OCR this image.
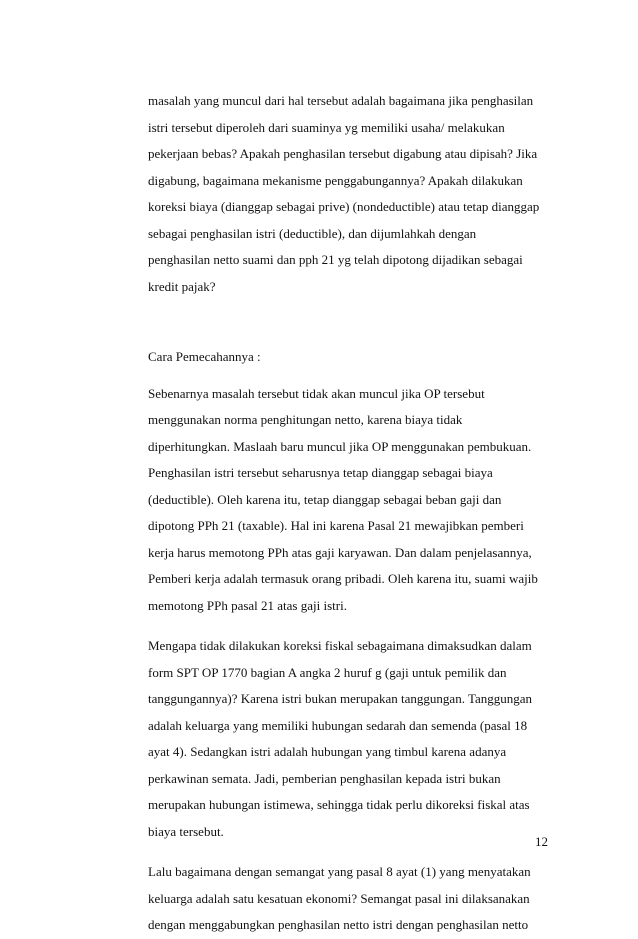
masalah yang muncul dari hal tersebut adalah bagaimana jika penghasilan
istri tersebut diperoleh dari suaminya yg memiliki usaha/ melakukan
pekerjaan bebas? Apakah penghasilan tersebut digabung atau dipisah? Jika
digabung, bagaimana mekanisme penggabungannya? Apakah dilakukan
koreksi biaya (dianggap sebagai prive) (nondeductible) atau tetap dianggap
sebagai penghasilan istri (deductible), dan dijumlahkah dengan
penghasilan netto suami dan pph 21 yg telah dipotong dijadikan sebagai
kredit pajak?

Cara Pemecahannya :

Sebenarnya masalah tersebut tidak akan muncul jika OP tersebut
menggunakan norma penghitungan netto, karena biaya tidak
diperhitungkan. Maslaah baru muncul jika OP menggunakan pembukuan.
Penghasilan istri tersebut seharusnya tetap dianggap sebagai biaya
(deductible). Oleh karena itu, tetap dianggap sebagai beban gaji dan
dipotong PPh 21 (taxable). Hal ini karena Pasal 21 mewajibkan pemberi
kerja harus memotong PPh atas gaji karyawan. Dan dalam penjelasannya,
Pemberi kerja adalah termasuk orang pribadi. Oleh karena itu, suami wajib
memotong PPh pasal 21 atas gaji istri.

Mengapa tidak dilakukan koreksi fiskal sebagaimana dimaksudkan dalam
form SPT OP 1770 bagian A angka 2 huruf g (gaji untuk pemilik dan
tanggungannya)? Karena istri bukan merupakan tanggungan. Tanggungan
adalah keluarga yang memiliki hubungan sedarah dan semenda (pasal 18
ayat 4). Sedangkan istri adalah hubungan yang timbul karena adanya
perkawinan semata. Jadi, pemberian penghasilan kepada istri bukan
merupakan hubungan istimewa, sehingga tidak perlu dikoreksi fiskal atas
biaya tersebut.

Lalu bagaimana dengan semangat yang pasal 8 ayat (1) yang menyatakan
keluarga adalah satu kesatuan ekonomi? Semangat pasal ini dilaksanakan
dengan menggabungkan penghasilan netto istri dengan penghasilan netto

12
